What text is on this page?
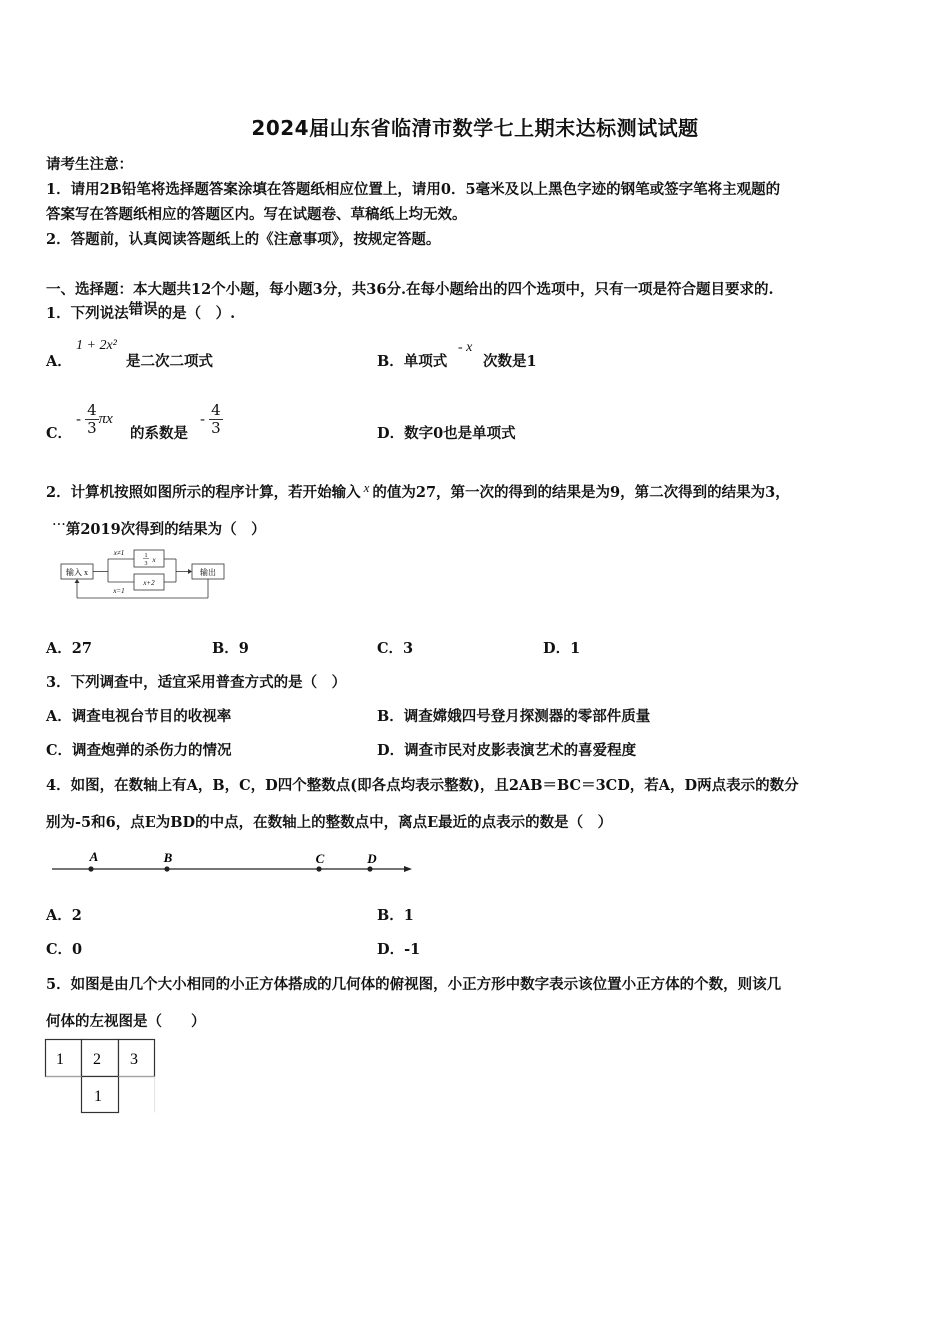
2024届山东省临清市数学七上期末达标测试试题
请考生注意：
1．请用2B铅笔将选择题答案涂填在答题纸相应位置上，请用0．5毫米及以上黑色字迹的钢笔或签字笔将主观题的
答案写在答题纸相应的答题区内。写在试题卷、草稿纸上均无效。
2．答题前，认真阅读答题纸上的《注意事项》，按规定答题。
一、选择题：本大题共12个小题，每小题3分，共36分.在每小题给出的四个选项中，只有一项是符合题目要求的.
1．下列说法错误的是（　）.
A．
1 + 2x²
是二次二项式	B．单项式
- x
次数是1
C．
- $\frac{4}{3}$ πx
的系数是
- $\frac{4}{3}$	D．数字0也是单项式
2．计算机按照如图所示的程序计算，若开始输入 x 的值为27，第一次的得到的结果是为9，第二次得到的结果为3，
···第2019次得到的结果为（　）
输入 x
x≠1	1
3 x
x+2
输出
x=1
A．27	B．9	C．3	D．1
3．下列调查中，适宜采用普查方式的是（　）
A．调查电视台节目的收视率	B．调查嫦娥四号登月探测器的零部件质量
C．调查炮弹的杀伤力的情况	D．调查市民对皮影表演艺术的喜爱程度
4．如图，在数轴上有A，B，C，D四个整数点(即各点均表示整数)，且2AB＝BC＝3CD，若A，D两点表示的数分
别为-5和6，点E为BD的中点，在数轴上的整数点中，离点E最近的点表示的数是（　）
A	B	C	D
A．2	B．1
C．0	D．-1
5．如图是由几个大小相同的小正方体搭成的几何体的俯视图，小正方形中数字表示该位置小正方体的个数，则该几
何体的左视图是（　　）
1 2 3
1
